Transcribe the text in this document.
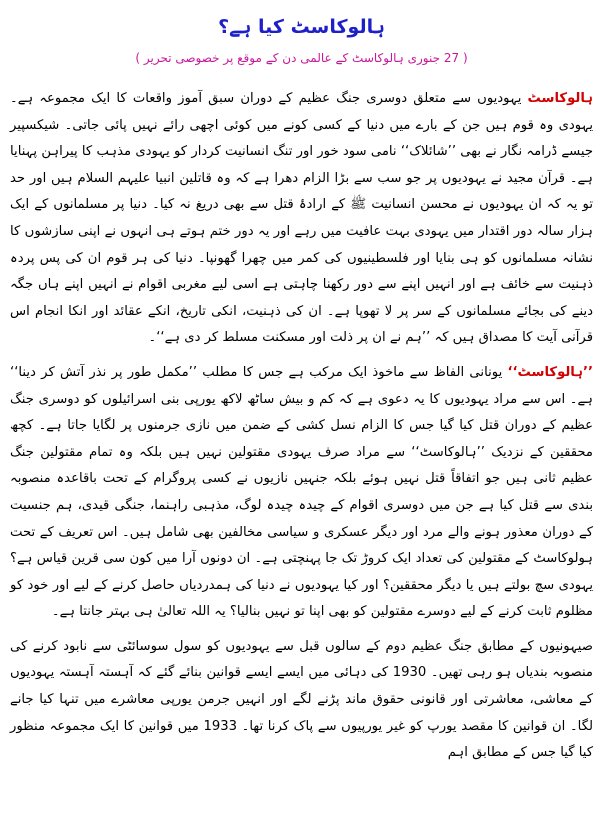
ہالوکاسٹ کیا ہے؟
( 27 جنوری ہالوکاسٹ کے عالمی دن کے موقع پر خصوصی تحریر )

ہالوکاسٹ یہودیوں سے متعلق دوسری جنگ عظیم کے دوران سبق آموز واقعات کا ایک مجموعہ ہے۔ یہودی وہ قوم ہیں جن کے بارے میں دنیا کے کسی کونے میں کوئی اچھی رائے نہیں پائی جاتی۔ شیکسپیر جیسے ڈرامہ نگار نے بھی ’’شائلاک‘‘ نامی سود خور اور تنگ انسانیت کردار کو یہودی مذہب کا پیراہن پہنایا ہے۔ قرآن مجید نے یہودیوں پر جو سب سے بڑا الزام دھرا ہے کہ وہ قاتلین انبیا علیہم السلام ہیں اور حد تو یہ کہ ان یہودیوں نے محسن انسانیت ﷺ کے ارادۂ قتل سے بھی دریغ نہ کیا۔ دنیا پر مسلمانوں کے ایک ہزار سالہ دور اقتدار میں یہودی بہت عافیت میں رہے اور یہ دور ختم ہوتے ہی انہوں نے اپنی سازشوں کا نشانہ مسلمانوں کو ہی بنایا اور فلسطینیوں کی کمر میں چھرا گھونپا۔ دنیا کی ہر قوم ان کی پس پردہ ذہنیت سے خائف ہے اور انہیں اپنے سے دور رکھنا چاہتی ہے اسی لیے مغربی اقوام نے انہیں اپنے ہاں جگہ دینے کی بجائے مسلمانوں کے سر پر لا تھوپا ہے۔ ان کی ذہنیت، انکی تاریخ، انکے عقائد اور انکا انجام اس قرآنی آیت کا مصداق ہیں کہ ’’ہم نے ان پر ذلت اور مسکنت مسلط کر دی ہے‘‘۔

’’ہالوکاسٹ‘‘ یونانی الفاظ سے ماخوذ ایک مرکب ہے جس کا مطلب ’’مکمل طور پر نذر آتش کر دینا‘‘ ہے۔ اس سے مراد یہودیوں کا یہ دعوی ہے کہ کم و بیش ساٹھ لاکھ یورپی بنی اسرائیلوں کو دوسری جنگ عظیم کے دوران قتل کیا گیا جس کا الزام نسل کشی کے ضمن میں نازی جرمنوں پر لگایا جاتا ہے۔ کچھ محققین کے نزدیک ’’ہالوکاسٹ‘‘ سے مراد صرف یہودی مقتولین نہیں ہیں بلکہ وہ تمام مقتولین جنگ عظیم ثانی ہیں جو اتفاقاً قتل نہیں ہوئے بلکہ جنہیں نازیوں نے کسی پروگرام کے تحت باقاعدہ منصوبہ بندی سے قتل کیا ہے جن میں دوسری اقوام کے چیدہ چیدہ لوگ، مذہبی راہنما، جنگی قیدی، ہم جنسیت کے دوران معذور ہونے والے مرد اور دیگر عسکری و سیاسی مخالفین بھی شامل ہیں۔ اس تعریف کے تحت ہولوکاسٹ کے مقتولین کی تعداد ایک کروڑ تک جا پہنچتی ہے۔ ان دونوں آرا میں کون سی قرین قیاس ہے؟ یہودی سچ بولتے ہیں یا دیگر محققین؟ اور کیا یہودیوں نے دنیا کی ہمدردیاں حاصل کرنے کے لیے اور خود کو مظلوم ثابت کرنے کے لیے دوسرے مقتولین کو بھی اپنا تو نہیں بنالیا؟ یہ اللہ تعالیٰ ہی بہتر جانتا ہے۔

صیہونیوں کے مطابق جنگ عظیم دوم کے سالوں قبل سے یہودیوں کو سول سوسائٹی سے نابود کرنے کی منصوبہ بندیاں ہو رہی تھیں۔ 1930 کی دہائی میں ایسے ایسے قوانین بنائے گئے کہ آہستہ آہستہ یہودیوں کے معاشی، معاشرتی اور قانونی حقوق ماند پڑنے لگے اور انہیں جرمن یورپی معاشرے میں تنہا کیا جانے لگا۔ ان قوانین کا مقصد یورپ کو غیر یورپیوں سے پاک کرنا تھا۔ 1933 میں قوانین کا ایک مجموعہ منظور کیا گیا جس کے مطابق اہم
